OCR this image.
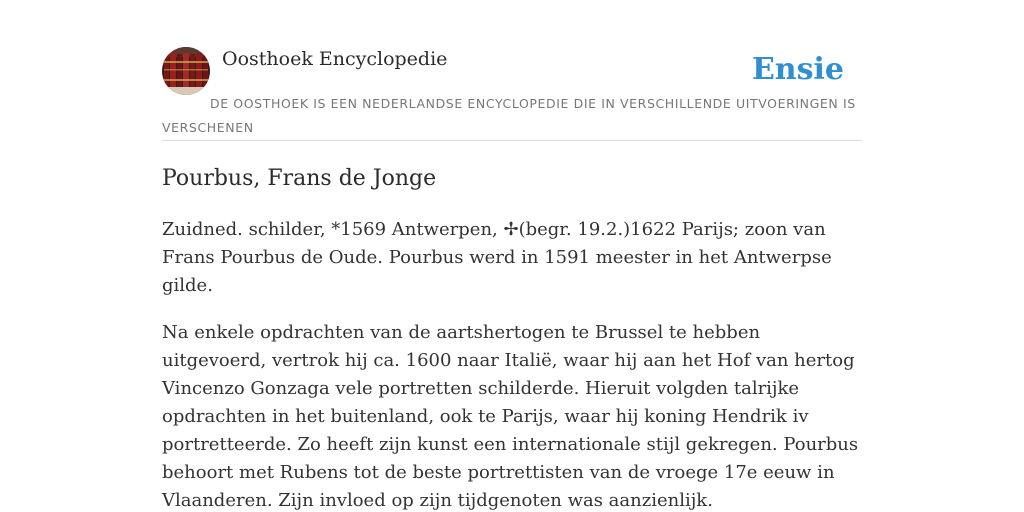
Oosthoek Encyclopedie	Ensie
DE OOSTHOEK IS EEN NEDERLANDSE ENCYCLOPEDIE DIE IN VERSCHILLENDE UITVOERINGEN IS VERSCHENEN
Pourbus, Frans de Jonge

Zuidned. schilder, *1569 Antwerpen, ✢(begr. 19.2.)1622 Parijs; zoon van Frans Pourbus de Oude. Pourbus werd in 1591 meester in het Antwerpse gilde.

Na enkele opdrachten van de aartshertogen te Brussel te hebben uitgevoerd, vertrok hij ca. 1600 naar Italië, waar hij aan het Hof van hertog Vincenzo Gonzaga vele portretten schilderde. Hieruit volgden talrijke opdrachten in het buitenland, ook te Parijs, waar hij koning Hendrik iv portretteerde. Zo heeft zijn kunst een internationale stijl gekregen. Pourbus behoort met Rubens tot de beste portrettisten van de vroege 17e eeuw in Vlaanderen. Zijn invloed op zijn tijdgenoten was aanzienlijk.
